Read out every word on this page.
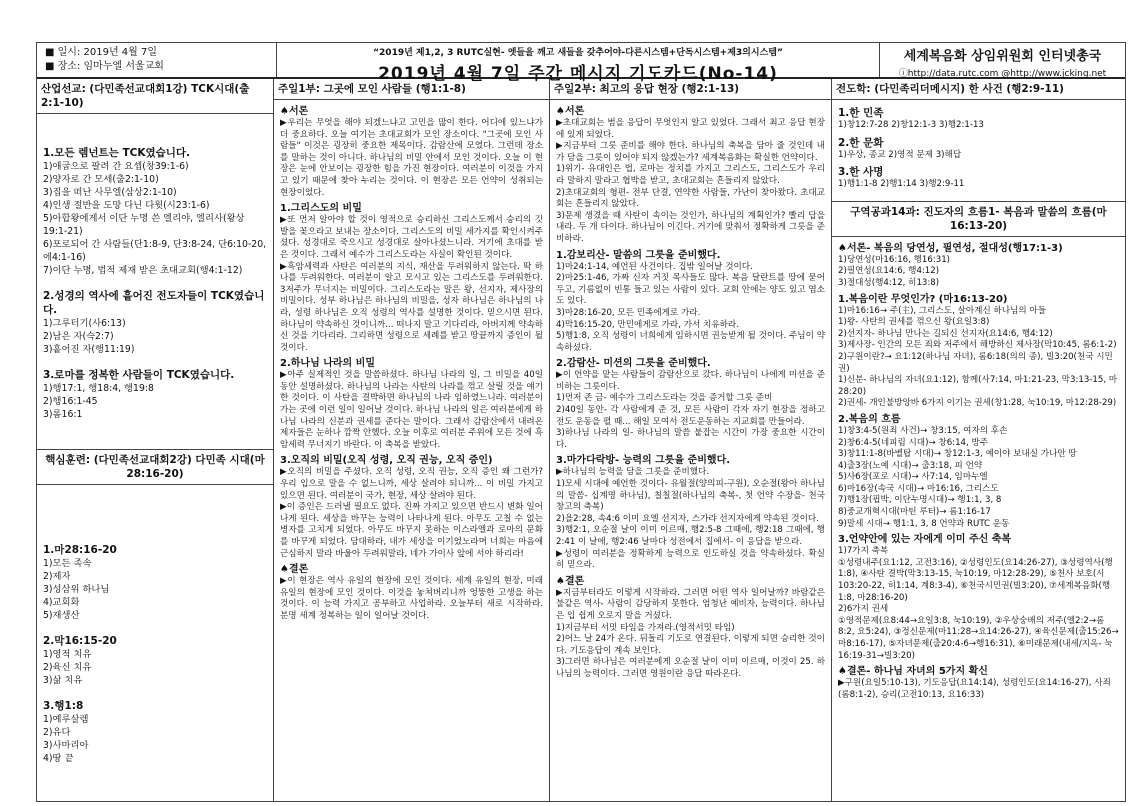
■ 일시: 2019년 4월 7일
■ 장소: 임마누엘 서울교회
“2019년 제1,2, 3 RUTC실현- 엣들을 깨고 새들을 갖추어야-다른시스템+단독시스템+제3의시스템”
2019년 4월 7일 주간 메시지 기도카드(No-14)
세계복음화 상임위원회 인터넷총국
ⓘhttp://data.rutc.com @http://www.jcking.net
산업선교: (다민족선교대회1강) TCK시대(출2:1-10)
1.모든 렘넌트는 TCK였습니다.
1)애굽으로 팔려 간 요셉(창39:1-6)
2)양자로 간 모세(출2:1-10)
3)집을 떠난 사무엘(삼상2:1-10)
4)인생 절반을 도망 다닌 다윗(시23:1-6)
5)아합왕에게서 이단 누명 쓴 엘리야, 엘리사(왕상19:1-21)
6)포로되어 간 사람들(단1:8-9, 단3:8-24, 단6:10-20, 에4:1-16)
7)이단 누명, 법적 제재 받은 초대교회(행4:1-12)
2.성경의 역사에 흩어진 전도자들이 TCK였습니다.
1)그루터기(사6:13)
2)남은 자(슥2:7)
3)흩어진 자(행11:19)
3.로마를 정복한 사람들이 TCK였습니다.
1)행17:1, 행18:4, 행19:8
2)행16:1-45
3)롬16:1
핵심훈련: (다민족선교대회2강) 다민족 시대(마28:16-20)
1.마28:16-20
1)모든 족속
2)제자
3)성삼위 하나님
4)교회화
5)재생산
2.막16:15-20
1)영적 치유
2)육신 치유
3)삶 치유
3.행1:8
1)예루살렘
2)유다
3)사마리아
4)땅 끝
주일1부: 그곳에 모인 사람들 (행1:1-8)
♠서론
▶우리는 무엇을 해야 되겠느냐고 고민을 많이 한다. 어디에 있느냐가 더 중요하다. 오늘 여기는 초대교회가 모인 장소이다. "그곳에 모인 사람들" 이것은 굉장히 중요한 제목이다. 감람산에 모였다. 그런데 장소를 말하는 것이 아니다. 하나님의 비밀 안에서 모인 것이다. 오늘 이 현장은 눈에 안보이는 굉장한 힘을 가진 현장이다. 여러분이 이것을 가지고 있기 때문에 찾아 누리는 것이다. 이 현장은 모든 언약이 성취되는 현장이었다.
1.그리스도의 비밀
▶또 먼저 알아야 할 것이 영적으로 승리하신 그리스도께서 승리의 깃발을 꽂으라고 보내는 장소이다. 그리스도의 비밀 세가지를 확인시켜주셨다. 성경대로 죽으시고 성경대로 살아나셨느니라. 거기에 초대를 받은 것이다. 그래서 예수가 그리스도라는 사실이 확인된 것이다.
▶흑암세력과 사탄은 여러분의 지식, 재산을 두려워하지 않는다. 딱 하나를 두려워한다. 여러분이 알고 모시고 있는 그리스도를 두려워한다. 3저주가 무너지는 비밀이다. 그리스도라는 말은 왕, 선지자, 제사장의 비밀이다. 성부 하나님은 하나님의 비밀을, 성자 하나님은 하나님의 나라, 성령 하나님은 오직 성령의 역사를 설명한 것이다. 믿으시면 된다. 하나님이 약속하신 것이니까... 떠나지 말고 기다리라, 아버지께 약속하신 것을 기다리라. 그리하면 성령으로 세례를 받고 땅끝까지 증인이 될 것이다.
2.하나님 나라의 비밀
▶아주 실제적인 것을 말씀하셨다. 하나님 나라의 일, 그 비밀을 40일 동안 설명하셨다. 하나님의 나라는 사탄의 나라를 꺾고 살릴 것을 얘기한 것이다. 이 사탄을 결박하면 하나님의 나라 임하였느니라. 여러분이 가는 곳에 이런 일이 일어날 것이다. 하나님 나라의 일은 여러분에게 하나님 나라의 신분과 권세를 준다는 말이다. 그래서 감람산에서 내려온 제자들은 눈하나 깜짝 안했다. 오늘 이후로 여러분 주위에 모든 것에 흑암세력 무너지기 바란다. 이 축복을 받았다.
3.오직의 비밀(오직 성령, 오직 권능, 오직 증인)
▶오직의 비밀을 주셨다. 오직 성령, 오직 권능, 오직 증인 왜 그런가? 우리 입으로 말을 수 없느니까, 세상 살려야 되니까... 이 비밀 가지고 있으면 된다. 여러분이 국가, 현장, 세상 살려야 된다.
▶이 증인은 드러낼 필요도 없다. 진짜 가지고 있으면 반드시 변화 일어나게 된다. 세상을 바꾸는 능력이 나타나게 된다. 아무도 고칠 수 없는 병자를 고치게 되었다. 아무도 바꾸지 못하는 이스라엘과 로마의 문화를 바꾸게 되었다. 담대하라, 내가 세상을 이기었노라며 너희는 마음에 근심하지 말라 바울아 두려워말라, 네가 가이사 앞에 서야 하리라!
♠결론
▶이 현장은 역사 유일의 현장에 모인 것이다. 세계 유일의 현장, 미래 유일의 현장에 모인 것이다. 이것을 놓쳐버리니까 엉뚱한 고생을 하는 것이다. 이 능력 가지고 공부하고 사업하라. 오늘부터 새로 시작하라. 분명 세계 정복하는 일이 일어날 것이다.
주일2부: 최고의 응답 현장 (행2:1-13)
♠서론
▶초대교회는 범을 응답이 무엇인지 알고 있었다. 그래서 최고 응답 현장에 있게 되었다.
▶지금부터 그릇 준비를 해야 한다. 하나님의 축복을 담아 줄 것인데 내가 담을 그릇이 있어야 되지 않겠는가? 세계복음화는 확실한 언약이다.
1)위기- 유대인은 법, 로마는 정치를 가지고 그리스도, 그리스도가 우리라 말하지 말라고 협박을 받고, 초대교회는 흔들리지 않았다.
2)초대교회의 형편- 전부 단결, 연약한 사람들, 가난이 찾아왔다. 초대교회는 흔들리지 않았다.
3)문제 생겼을 때 사탄이 속이는 것인가, 하나님의 계획인가? 빨리 답을 내라. 두 개 다이다. 하나님이 이긴다. 거기에 맞춰서 정확하게 그릇을 준비하라.
1.감보리산- 말씀의 그릇을 준비했다.
1)마24:1-14, 예언된 사건이다. 집밖 일어날 것이다.
2)마25:1-46, 가짜 신자 거짓 목사들도 많다. 복음 달란트를 땅에 묻어두고, 기름없이 빈통 들고 있는 사람이 있다. 교회 안에는 양도 있고 염소도 있다.
3)마28:16-20, 모든 민족에게로 가라.
4)막16:15-20, 만민에게로 가라, 가서 치유하라.
5)행1:8, 오직 성령이 너희에게 임하시면 권능받게 될 것이다. 주님이 약속하셨다.
2.감람산- 미션의 그릇을 준비했다.
▶이 언약을 맡는 사람들이 감람산으로 갔다. 하나님이 나에게 미션을 준비하는 그릇이다.
1)먼저 존 금- 예수가 그리스도라는 것을 증거할 그릇 준비
2)40일 동안- 각 사람에게 준 것, 모든 사람이 각자 자기 현장을 정하고 전도 운동을 펼 때... 해일 모여서 전도운동하는 지교회를 만들어라.
3)하나님 나라의 일- 하나님의 말씀 붙잡는 시간이 가장 중요한 시간이다.
3.마가다락방- 능력의 그릇을 준비했다.
▶하나님의 능력을 담을 그릇을 준비했다.
1)모세 시대에 예언한 것이다- 유월절(양의피-구원), 오순절(왕아 하나님의 말씀- 십계명 하나님), 칠칠절(하나님의 축복-, 첫 언약 수장을- 천국창고의 축복)
2)욜2:28, 속4:6 이미 요엘 선지자, 스가랴 선지자에게 약속된 것이다.
3)행2:1, 오순절 날이 이미 이르매, 행2:5-8 그때에, 행2:18 그때에, 행2:41 이 날에, 행2:46 날마다 성전에서 집에서- 이 응답을 받으라.
▶성령이 여러분을 정확하게 능력으로 인도하실 것을 약속하셨다. 확실히 믿으라.
♠결론
▶지금부터라도 이렇게 시작하라. 그러면 어떤 역사 일어날까? 바람같은 불같은 역사- 사람이 감당하지 못한다. 엄청난 예비자, 능력이다. 하나님은 입 쉽게 오로지 말을 거셨다.
1)지금부터 서밋 타임을 가져라.(영적서밋 타임)
2)어느 날 24가 온다. 뒤돌리 기도로 연결된다. 이렇게 되면 승리한 것이다. 기도응답이 계속 보인다.
3)그러면 하나님은 여러분에게 오순절 날이 이미 이르매, 이것이 25. 하나님의 능력이다. 그러면 영원이란 응답 따라온다.
전도학: (다민족리더메시지) 한 사건 (행2:9-11)
1.한 민족
1)창12:7-28 2)창12:1-3 3)행2:1-13
2.한 문화
1)우상, 종교 2)영적 문제 3)해답
3.한 사명
1)행1:1-8 2)행1:14 3)행2:9-11
구역공과14과: 진도자의 흐름1- 복음과 말씀의 흐름(마16:13-20)
♠서론- 복음의 당연성, 필연성, 절대성(행17:1-3)
1)당연성(마16:16, 행16:31)
2)필연성(요14:6, 행4:12)
3)절대성(행4:12, 히13:8)
1.복음이란 무엇인가? (마16:13-20)
1)마16:16→ 주(主), 그리스도, 살아계신 하나님의 아들
1)왕- 사탄의 권세를 꺾으신 왕(요일3:8)
2)선지자- 하나님 만나는 길되신 선지자(요14:6, 행4:12)
3)제사장- 인간의 모든 죄와 저주에서 해방하신 제사장(막10:45, 롬6:1-2)
2)구원이란?→ 요1:12(하나님 자녀), 롬6:18(의의 종), 빌3:20(천국 시민권)
1)신분- 하나님의 자녀(요1:12), 함께(사7:14, 마1:21-23, 막3:13-15, 마28:20)
2)권세- 개인불방앙바 6가지 이기는 권세(창1:28, 눅10:19, 마12:28-29)
2.복음의 흐름
1)창3:4-5(원죄 사건)→ 창3:15, 여자의 후손
2)창6:4-5(네피림 시대)→ 창6:14, 방주
3)창11:1-8(바벨탑 시대)→ 창12:1-3, 예이야 보내실 가나안 땅
4)출3장(노예 시대)→ 출3:18, 피 언약
5)사6장(포로 시대)→ 사7:14, 임마누엘
6)마16장(속국 시대)→ 마16:16, 그리스도
7)행1장(핍박, 이단누명시대)→ 행1:1, 3, 8
8)중교개혁시대(마틴 루터)→ 롬1:16-17
9)말세 시대→ 행1:1, 3, 8 언약과 RUTC 운동
3.언약안에 있는 자에게 이미 주신 축복
1)7가지 축복
①성령내주(요1:12, 고전3:16), ②성령인도(요14:26-27), ③성령역사(행1:8), ④사탄 결박(막3:13-15, 눅10:19, 마12:28-29), ⑤천사 보호(시103:20-22, 히1:14, 계8:3-4), ⑥천국시민권(빌3:20), ⑦세계복음화(행1:8, 마28:16-20)
2)6가지 권세
①영적문제(요8:44→요일3:8, 눅10:19), ②우상숭배의 저주(엘2:2→롬8:2, 요5:24), ③정신문제(마11:28→요14:26-27), ④육신문제(출15:26→마8:16-17), ⑤자녀문제(출20:4-6→행16:31), ⑥미래문제(내세/지옥- 눅16:19-31→빌3:20)
♠결론- 하나님 자녀의 5가지 확신
▶구원(요일5:10-13), 기도응답(요14:14), 성령인도(요14:16-27), 사죄(롬8:1-2), 승리(고전10:13, 요16:33)
